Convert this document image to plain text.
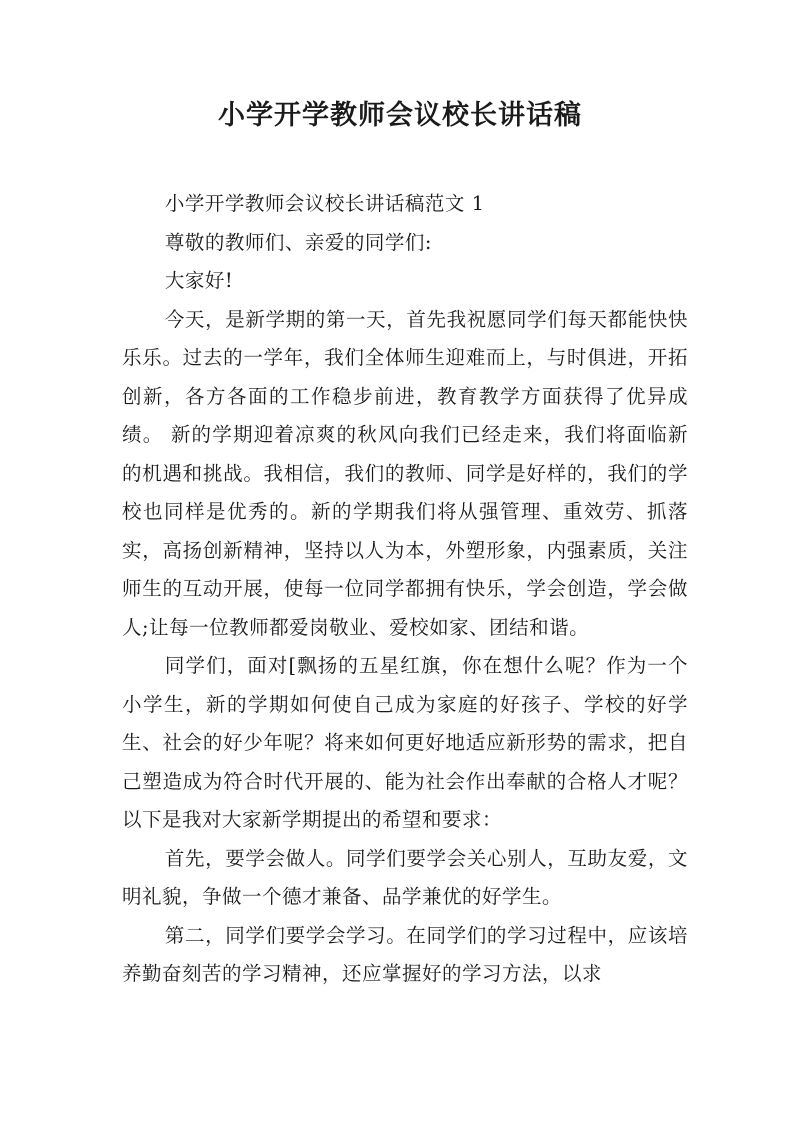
小学开学教师会议校长讲话稿

小学开学教师会议校长讲话稿范文 1

尊敬的教师们、亲爱的同学们:

大家好!

今天，是新学期的第一天，首先我祝愿同学们每天都能快快乐乐。过去的一学年，我们全体师生迎难而上，与时俱进，开拓创新，各方各面的工作稳步前进，教育教学方面获得了优异成绩。 新的学期迎着凉爽的秋风向我们已经走来，我们将面临新的机遇和挑战。我相信，我们的教师、同学是好样的，我们的学校也同样是优秀的。新的学期我们将从强管理、重效劳、抓落实，高扬创新精神，坚持以人为本，外塑形象，内强素质，关注师生的互动开展，使每一位同学都拥有快乐，学会创造，学会做人;让每一位教师都爱岗敬业、爱校如家、团结和谐。

同学们，面对[飘扬的五星红旗，你在想什么呢？作为一个小学生，新的学期如何使自己成为家庭的好孩子、学校的好学生、社会的好少年呢？将来如何更好地适应新形势的需求，把自己塑造成为符合时代开展的、能为社会作出奉献的合格人才呢？以下是我对大家新学期提出的希望和要求：

首先，要学会做人。同学们要学会关心别人，互助友爱，文明礼貌，争做一个德才兼备、品学兼优的好学生。

第二，同学们要学会学习。在同学们的学习过程中，应该培养勤奋刻苦的学习精神，还应掌握好的学习方法，以求
